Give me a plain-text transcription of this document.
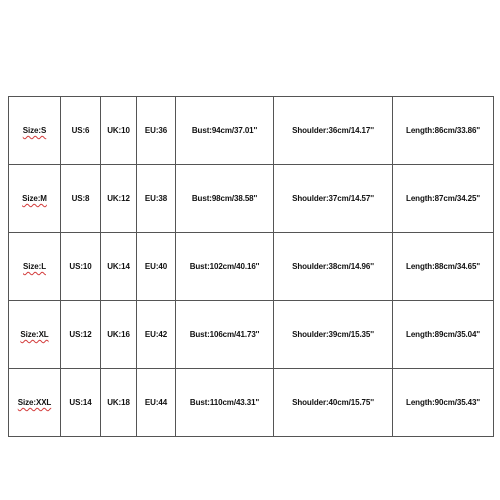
Size:S	US:6	UK:10	EU:36	Bust:94cm/37.01''	Shoulder:36cm/14.17''	Length:86cm/33.86''
Size:M	US:8	UK:12	EU:38	Bust:98cm/38.58''	Shoulder:37cm/14.57''	Length:87cm/34.25''
Size:L	US:10	UK:14	EU:40	Bust:102cm/40.16''	Shoulder:38cm/14.96''	Length:88cm/34.65''
Size:XL	US:12	UK:16	EU:42	Bust:106cm/41.73''	Shoulder:39cm/15.35''	Length:89cm/35.04''
Size:XXL	US:14	UK:18	EU:44	Bust:110cm/43.31''	Shoulder:40cm/15.75''	Length:90cm/35.43''
